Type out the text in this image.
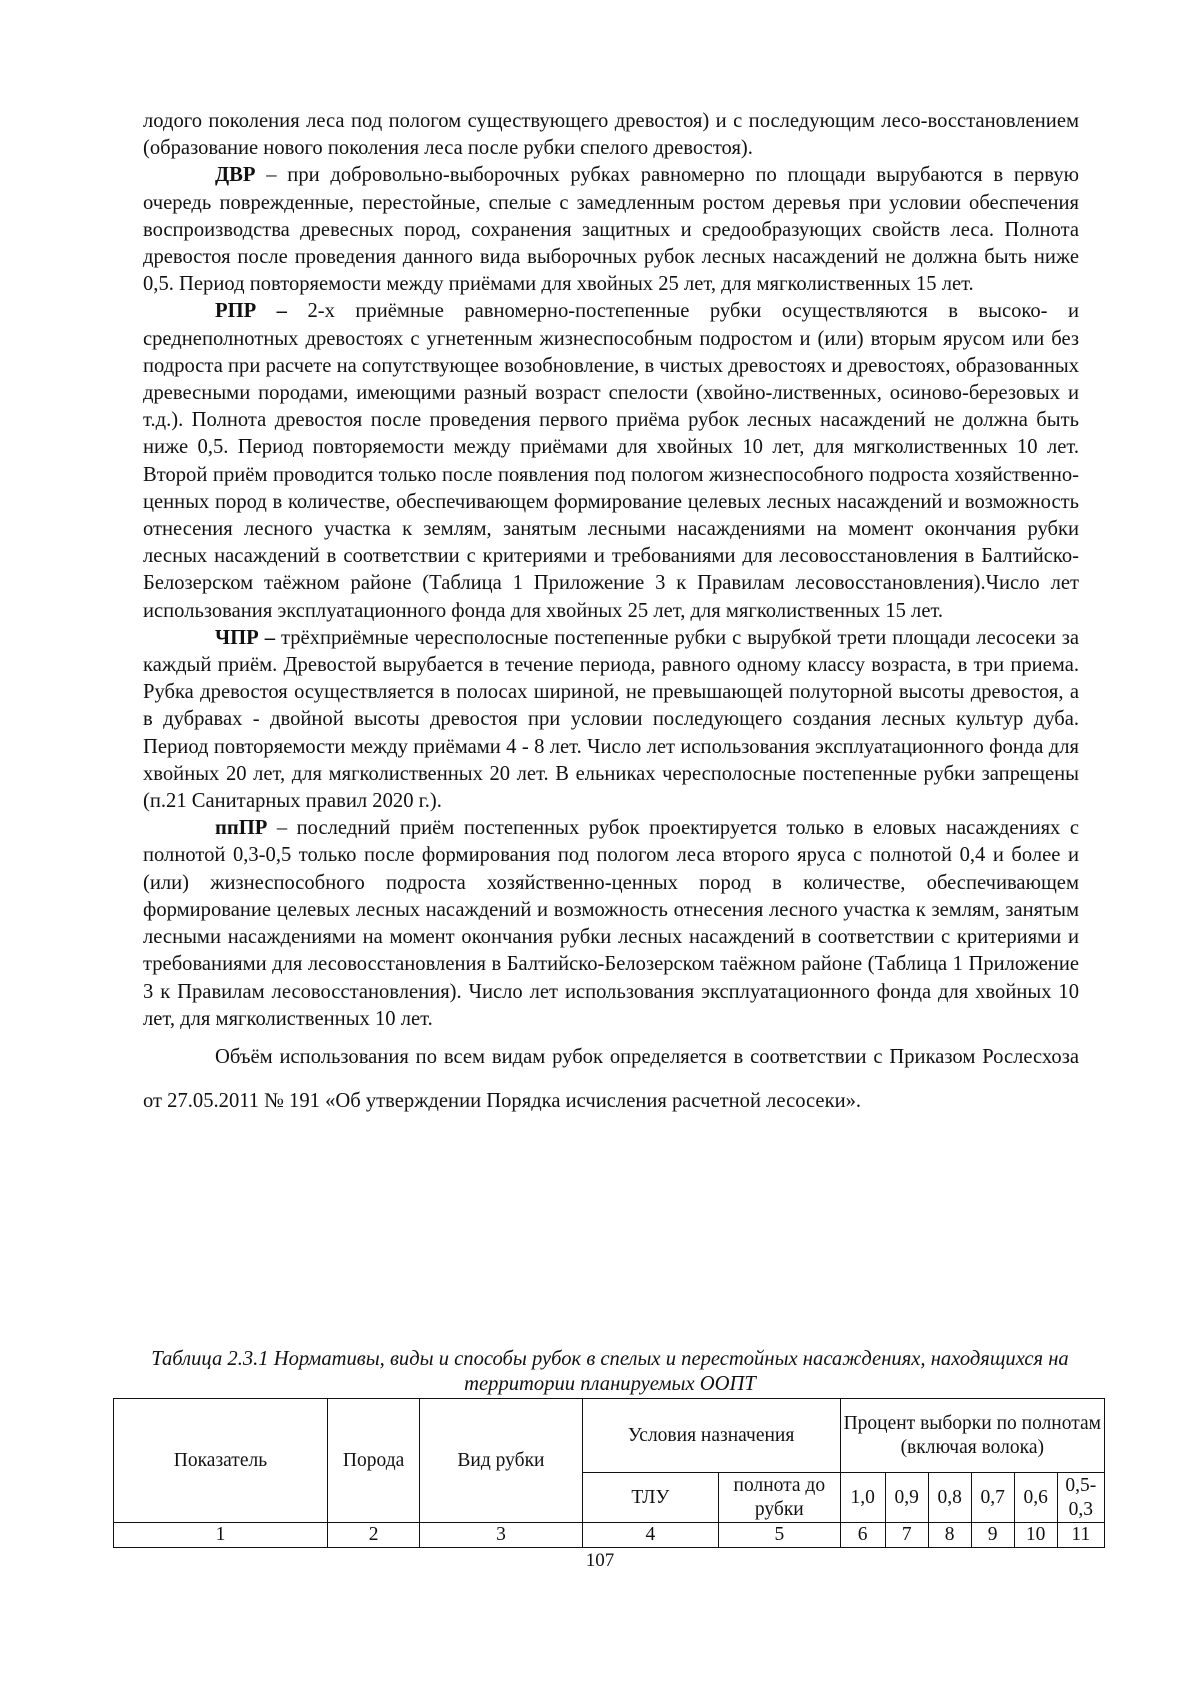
лодого поколения леса под пологом существующего древостоя) и с последующим лесо-восстановлением (образование нового поколения леса после рубки спелого древостоя).

ДВР – при добровольно-выборочных рубках равномерно по площади вырубаются в первую очередь поврежденные, перестойные, спелые с замедленным ростом деревья при условии обеспечения воспроизводства древесных пород, сохранения защитных и средообразующих свойств леса. Полнота древостоя после проведения данного вида выборочных рубок лесных насаждений не должна быть ниже 0,5. Период повторяемости между приёмами для хвойных 25 лет, для мягколиственных 15 лет.

РПР – 2-х приёмные равномерно-постепенные рубки осуществляются в высоко- и среднеполнотных древостоях с угнетенным жизнеспособным подростом и (или) вторым ярусом или без подроста при расчете на сопутствующее возобновление, в чистых древостоях и древостоях, образованных древесными породами, имеющими разный возраст спелости (хвойно-лиственных, осиново-березовых и т.д.). Полнота древостоя после проведения первого приёма рубок лесных насаждений не должна быть ниже 0,5. Период повторяемости между приёмами для хвойных 10 лет, для мягколиственных 10 лет. Второй приём проводится только после появления под пологом жизнеспособного подроста хозяйственно-ценных пород в количестве, обеспечивающем формирование целевых лесных насаждений и возможность отнесения лесного участка к землям, занятым лесными насаждениями на момент окончания рубки лесных насаждений в соответствии с критериями и требованиями для лесовосстановления в Балтийско-Белозерском таёжном районе (Таблица 1 Приложение 3 к Правилам лесовосстановления).Число лет использования эксплуатационного фонда для хвойных 25 лет, для мягколиственных 15 лет.

ЧПР – трёхприёмные чересполосные постепенные рубки с вырубкой трети площади лесосеки за каждый приём. Древостой вырубается в течение периода, равного одному классу возраста, в три приема. Рубка древостоя осуществляется в полосах шириной, не превышающей полуторной высоты древостоя, а в дубравах - двойной высоты древостоя при условии последующего создания лесных культур дуба. Период повторяемости между приёмами 4 - 8 лет. Число лет использования эксплуатационного фонда для хвойных 20 лет, для мягколиственных 20 лет. В ельниках чересполосные постепенные рубки запрещены (п.21 Санитарных правил 2020 г.).

ппПР – последний приём постепенных рубок проектируется только в еловых насаждениях с полнотой 0,3-0,5 только после формирования под пологом леса второго яруса с полнотой 0,4 и более и (или) жизнеспособного подроста хозяйственно-ценных пород в количестве, обеспечивающем формирование целевых лесных насаждений и возможность отнесения лесного участка к землям, занятым лесными насаждениями на момент окончания рубки лесных насаждений в соответствии с критериями и требованиями для лесовосстановления в Балтийско-Белозерском таёжном районе (Таблица 1 Приложение 3 к Правилам лесовосстановления). Число лет использования эксплуатационного фонда для хвойных 10 лет, для мягколиственных 10 лет.

Объём использования по всем видам рубок определяется в соответствии с Приказом Рослесхоза от 27.05.2011 № 191 «Об утверждении Порядка исчисления расчетной лесосеки».

Таблица 2.3.1 Нормативы, виды и способы рубок в спелых и перестойных насаждениях, находящихся на территории планируемых ООПТ
Показатель	Порода	Вид рубки	Условия назначения		Процент выборки по полнотам (включая волока)					
			ТЛУ	полнота до рубки	1,0	0,9	0,8	0,7	0,6	0,5-0,3
1	2	3	4	5	6	7	8	9	10	11
107
